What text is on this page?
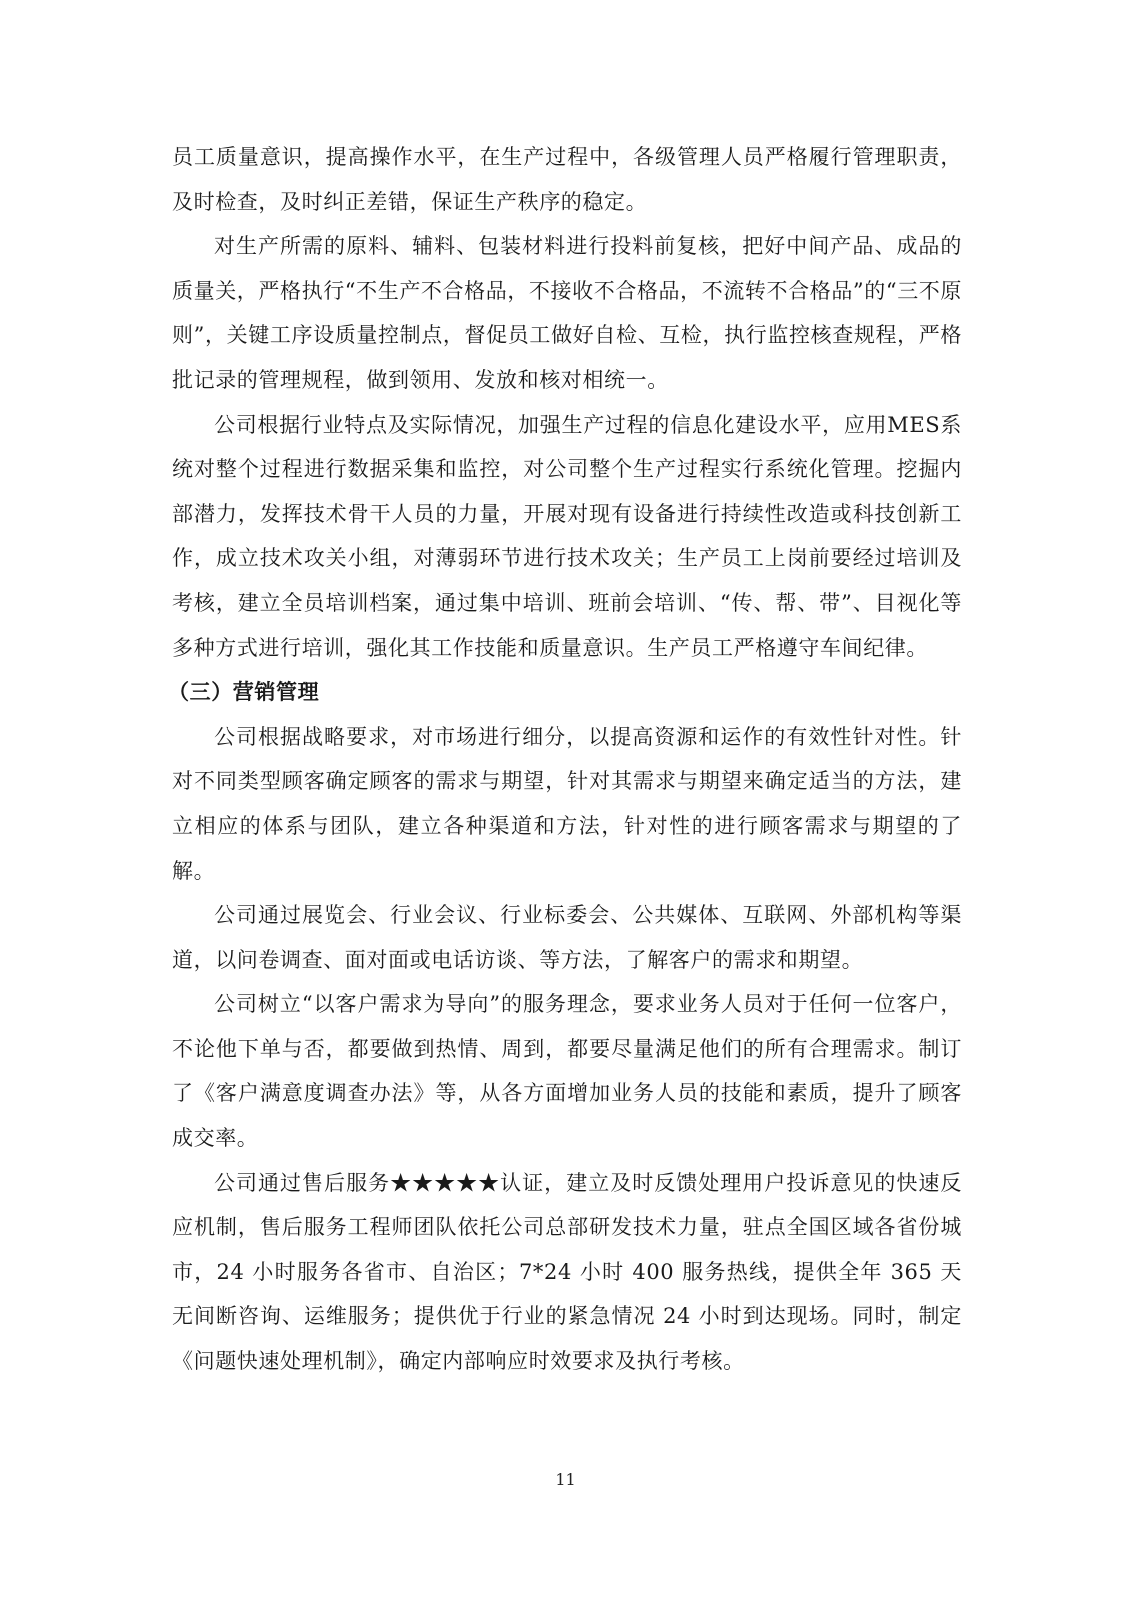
员工质量意识，提高操作水平，在生产过程中，各级管理人员严格履行管理职责，及时检查，及时纠正差错，保证生产秩序的稳定。

对生产所需的原料、辅料、包装材料进行投料前复核，把好中间产品、成品的质量关，严格执行“不生产不合格品，不接收不合格品，不流转不合格品”的“三不原则”，关键工序设质量控制点，督促员工做好自检、互检，执行监控核查规程，严格批记录的管理规程，做到领用、发放和核对相统一。

公司根据行业特点及实际情况，加强生产过程的信息化建设水平，应用MES系统对整个过程进行数据采集和监控，对公司整个生产过程实行系统化管理。挖掘内部潜力，发挥技术骨干人员的力量，开展对现有设备进行持续性改造或科技创新工作，成立技术攻关小组，对薄弱环节进行技术攻关；生产员工上岗前要经过培训及考核，建立全员培训档案，通过集中培训、班前会培训、“传、帮、带”、目视化等多种方式进行培训，强化其工作技能和质量意识。生产员工严格遵守车间纪律。

（三）营销管理

公司根据战略要求，对市场进行细分，以提高资源和运作的有效性针对性。针对不同类型顾客确定顾客的需求与期望，针对其需求与期望来确定适当的方法，建立相应的体系与团队，建立各种渠道和方法，针对性的进行顾客需求与期望的了解。

公司通过展览会、行业会议、行业标委会、公共媒体、互联网、外部机构等渠道，以问卷调查、面对面或电话访谈、等方法，了解客户的需求和期望。

公司树立“以客户需求为导向”的服务理念，要求业务人员对于任何一位客户，不论他下单与否，都要做到热情、周到，都要尽量满足他们的所有合理需求。制订了《客户满意度调查办法》等，从各方面增加业务人员的技能和素质，提升了顾客成交率。

公司通过售后服务★★★★★认证，建立及时反馈处理用户投诉意见的快速反应机制，售后服务工程师团队依托公司总部研发技术力量，驻点全国区域各省份城市，24 小时服务各省市、自治区；7*24 小时 400 服务热线，提供全年 365 天无间断咨询、运维服务；提供优于行业的紧急情况 24 小时到达现场。同时，制定《问题快速处理机制》，确定内部响应时效要求及执行考核。

11
